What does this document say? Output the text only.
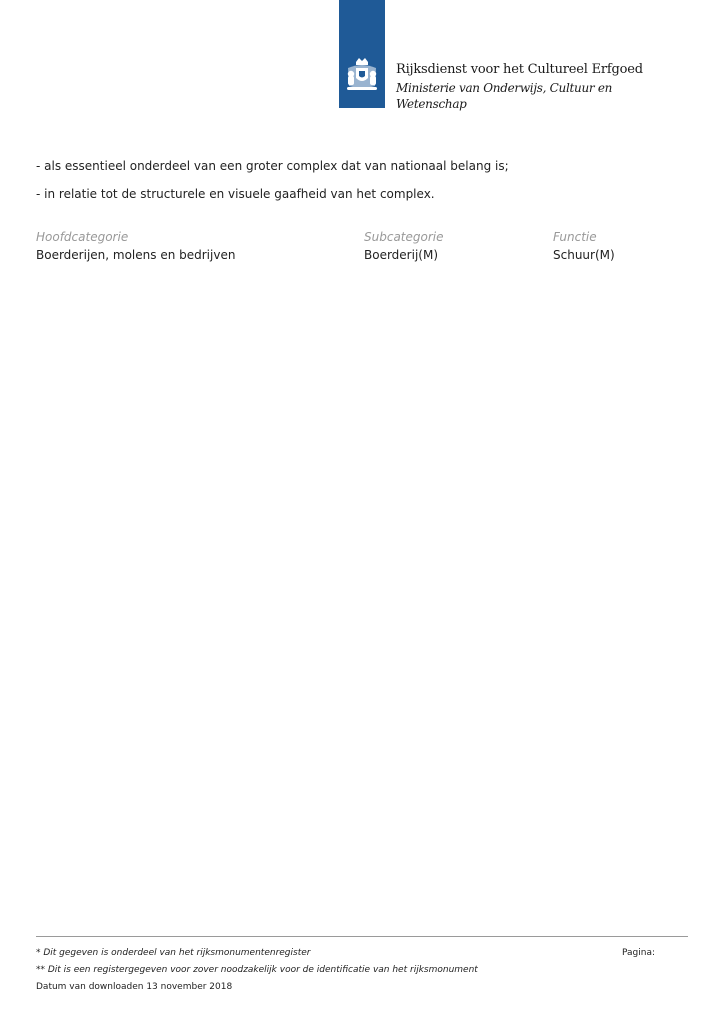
Rijksdienst voor het Cultureel Erfgoed
Ministerie van Onderwijs, Cultuur en Wetenschap
- als essentieel onderdeel van een groter complex dat van nationaal belang is;
- in relatie tot de structurele en visuele gaafheid van het complex.
Hoofdcategorie	Subcategorie	Functie
Boerderijen, molens en bedrijven	Boerderij(M)	Schuur(M)
* Dit gegeven is onderdeel van het rijksmonumentenregister	Pagina:
** Dit is een registergegeven voor zover noodzakelijk voor de identificatie van het rijksmonument
Datum van downloaden 13 november 2018
